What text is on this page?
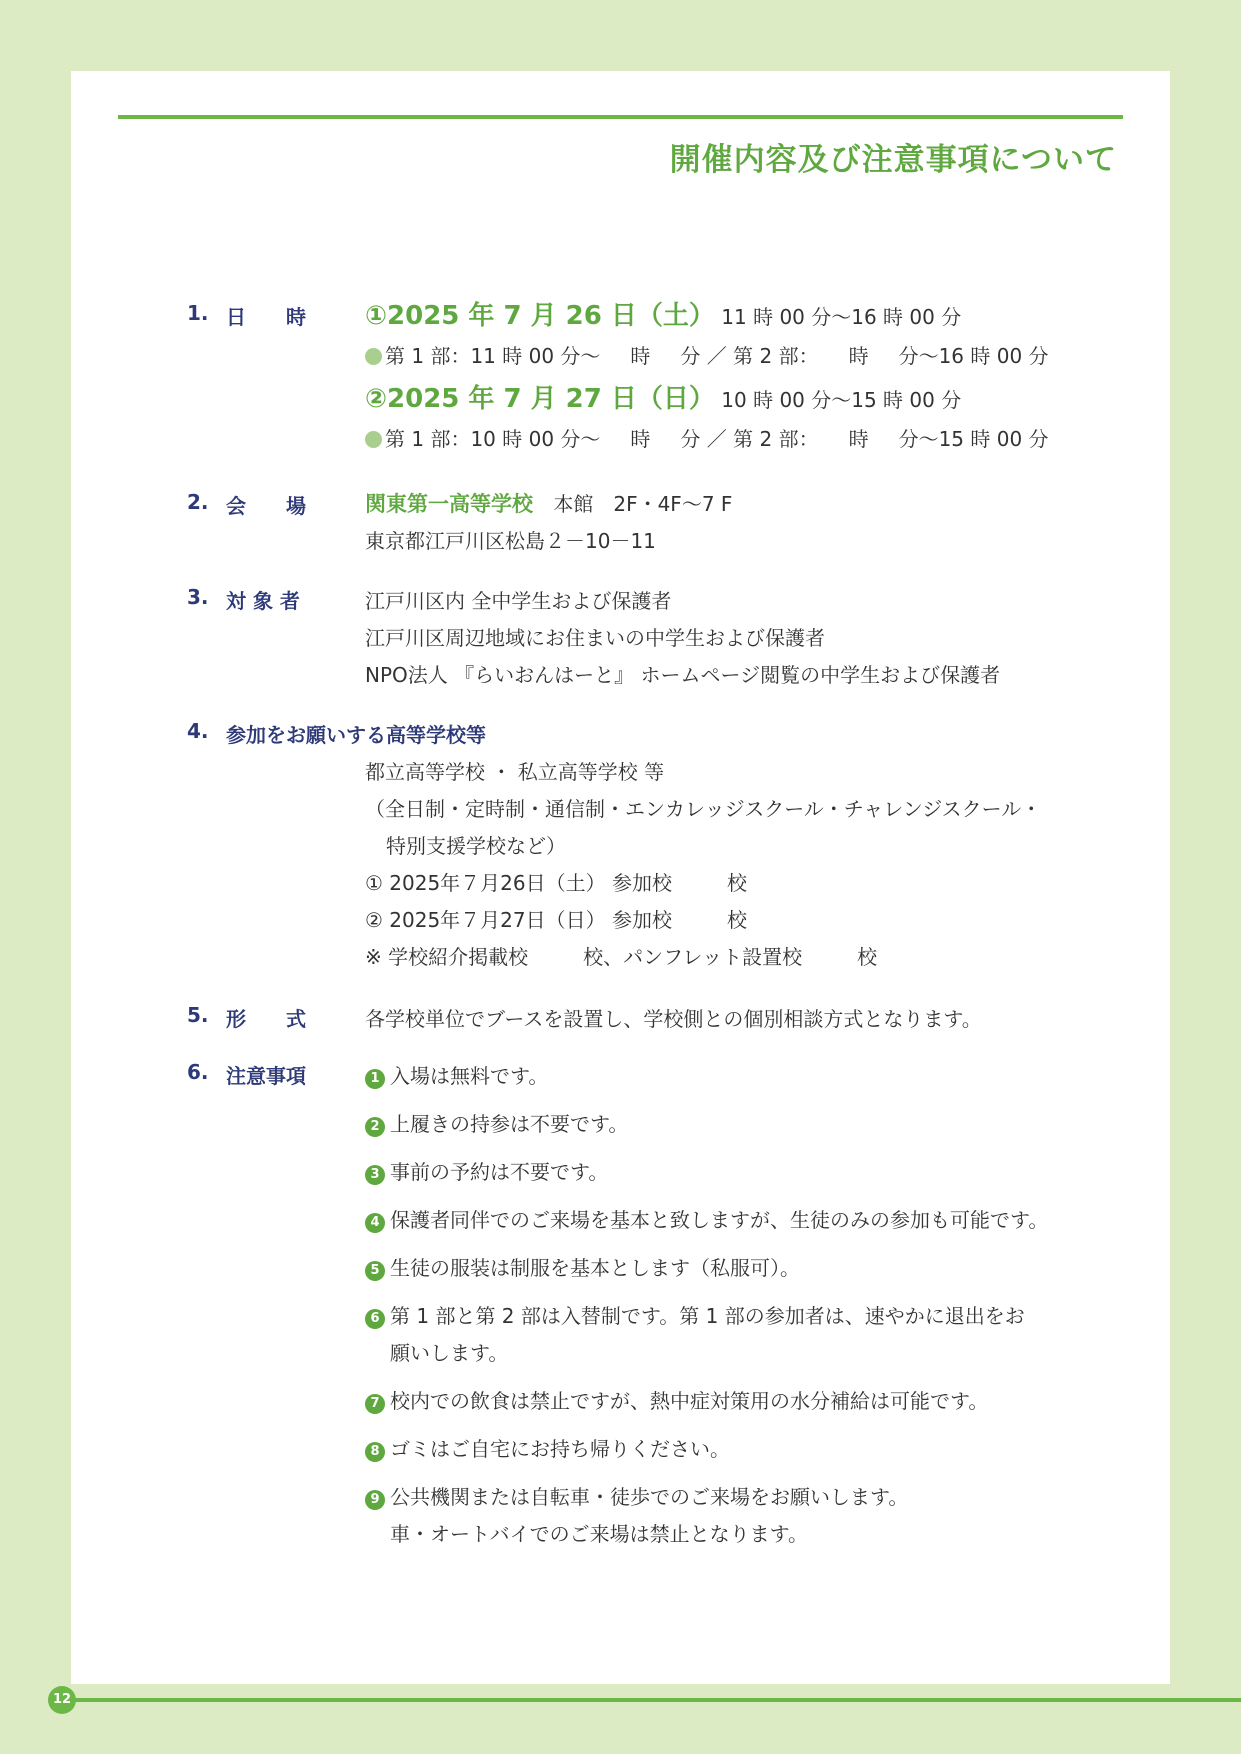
開催内容及び注意事項について
1. 日　　時 ①2025 年 7 月 26 日（土） 11 時 00 分〜16 時 00 分
第 1 部：11 時 00 分〜 時 分 ／ 第 2 部： 時 分〜16 時 00 分
②2025 年 7 月 27 日（日） 10 時 00 分〜15 時 00 分
第 1 部：10 時 00 分〜 時 分 ／ 第 2 部： 時 分〜15 時 00 分
2. 会　　場	関東第一高等学校 本館　2F・4F〜7 F
東京都江戸川区松島２－10－11
3. 対 象 者	江戸川区内 全中学生および保護者
江戸川区周辺地域にお住まいの中学生および保護者
NPO法人 『らいおんはーと』 ホームページ閲覧の中学生および保護者
4. 参加をお願いする高等学校等
都立高等学校 ・ 私立高等学校 等
（全日制・定時制・通信制・エンカレッジスクール・チャレンジスクール・
特別支援学校など）
① 2025年７月26日（土） 参加校	校
② 2025年７月27日（日） 参加校	校
※ 学校紹介掲載校	校、パンフレット設置校	校
5. 形　　式	各学校単位でブースを設置し、学校側との個別相談方式となります。
6. 注意事項	1 入場は無料です。
2 上履きの持参は不要です。
3 事前の予約は不要です。
4 保護者同伴でのご来場を基本と致しますが、生徒のみの参加も可能です。
5 生徒の服装は制服を基本とします（私服可）。
6 第 1 部と第 2 部は入替制です。第 1 部の参加者は、速やかに退出をお
願いします。
7 校内での飲食は禁止ですが、熱中症対策用の水分補給は可能です。
8 ゴミはご自宅にお持ち帰りください。
9 公共機関または自転車・徒歩でのご来場をお願いします。
車・オートバイでのご来場は禁止となります。
12
